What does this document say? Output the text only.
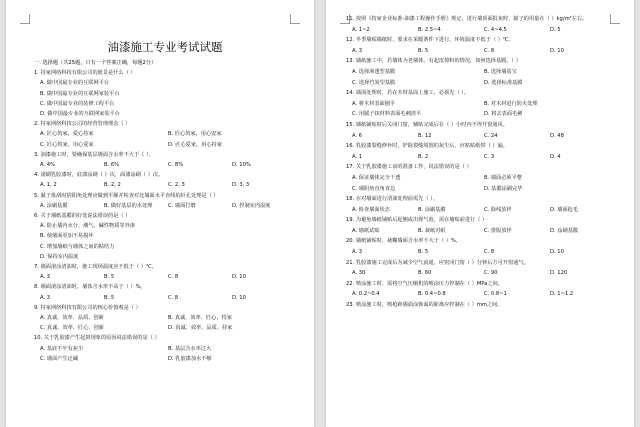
油漆施工专业考试试题
一. 选择题（共25题，只有一个答案正确，每题2分）
1. 持家网络科技有限公司的愿景是什么（ ）
A. 做中国最专业的互联网平台
B. 做中国最专业的互联网家装平台
C. 做中国最专业的装修工程平台
D. 做中国最专业的互联网家装平台
2. 持家网络科技公司的经营管理理念（ ）
A. 匠心筑家，爱心持家	B. 匠心筑家，用心安家
C. 匠心筑家，用心爱家	D. 匠心爱家，用心持家
3. 油漆施工时，要确保基层墙面含水率不大于（ ）。
A. 4%	B. 6%	C. 8%	D. 10%
4. 滚刷乳胶漆时，底漆涂刷（ ）次，面漆涂刷（ ）次。
A. 1, 2	B. 2, 2	C. 2, 3	D. 3, 3
5. 腻子批刮时阴阳角处理应做到平顺并检查对比墙面水平直线的针孔处理是（ ）
A. 涂刷基膜	B. 做好基层的水处理	C. 墙面打磨	D. 控制室内湿度
6. 关于墙纸基膜的好处说法错误的是（ ）
A. 防止墙内水分、潮气、碱性物质等外渗
B. 使墙面更加不易损坏
C. 增加墙纸与墙体之间的粘结力
D. 保持室内温度
7. 墙面滚涂清油时，施工现场温度应不低于（ ）℃。
A. 3	B. 5	C. 8	D. 10
8. 墙面滚涂清油时，墙体含水率不高于（ ）%。
A. 3	B. 5	C. 8	D. 10
9. 持家网络科技有限公司的核心价值观是（ ）
A. 真诚、效率、品质、创新	B. 真诚、效率、匠心、持家
C. 真诚、效率、匠心、创新	D. 真诚、效率、品质、持家
10. 关于乳胶漆产生起鼓现象的原因说法错误的是（ ）
A. 基底不牢有灰尘	B. 基层含水率过大
C. 墙面产生泛碱	D. 乳胶漆加水不够
11. 按照《持家企业标准-油漆工程操作手册》规定，进行墙顶面批灰时，腻子的用量在（ ）kg/m²左右。
A. 1~2	B. 2.5~4	C. 4~4.5	D. 5
12. 冬季墙贴墙纸时，要求在采暖条件下进行，环境温度不低于（ ）℃。
A. 3	B. 5	C. 8	D. 10
13. 墙纸施工中，若墙体为老墙体，有起皮掉粉的情况，如何选择基膜。（ ）
A. 选择渗透型基膜	B. 选择墙基宝
C. 选择竹炭型基膜	D. 选择标准基膜
14. 墙面处理时，若在木材基面上施工，必须先（ ）。
A. 将木材表面刨平	B. 对木材进行防火处理
C. 用腻子抹材料表面毛刺清平	D. 将去表面毛刺
15. 墙纸铺贴时后关闭门窗，辅贴完成后在（ ）小时内不得开窗通风。
A. 6	B. 12	C. 24	D. 48
16. 乳胶漆裂缝修补时，铲除裂缝周围的灰尘后，应贴贴纸带（ ）遍。
A. 1	B. 2	C. 3	D. 4
17. 关于乳胶漆施工前的准备工作，说法错误的是（ ）
A. 保证墙体完全干透	B. 墙面必须平整
C. 墙阴角直角直边	D. 基膜涂刷完毕
18. 在对墙面进行清油处理前需先（ ）。
A. 检查墙面状态	B. 涂刷基膜	C. 除线放样	D. 墙面抢毛
19. 为避免墙纸铺贴后起翘或出现气泡，需在墙贴前进行（ ）
A. 墙纸试贴	B. 裁纸对纸	C. 排版放样	D. 涂刷基膜
20. 墙纸铺贴时，裱糊墙面含水率不大于（ ）%。
A. 3	B. 5	C. 8	D. 10
21. 乳胶漆施工完成后为减少空气流通，应密闭门窗（ ）分钟后方可开窗通气。
A. 30	B. 60	C. 90	D. 120
22. 喷涂施工时，需将空气压缩机的喷涂压力控制在（ ）MPa之间。
A. 0.2~0.4	B. 0.4~0.8	C. 0.8~1	D. 1~1.2
23. 喷涂施工时，喷枪距墙面涂饰面的距离应控制在（ ）mm之间。
